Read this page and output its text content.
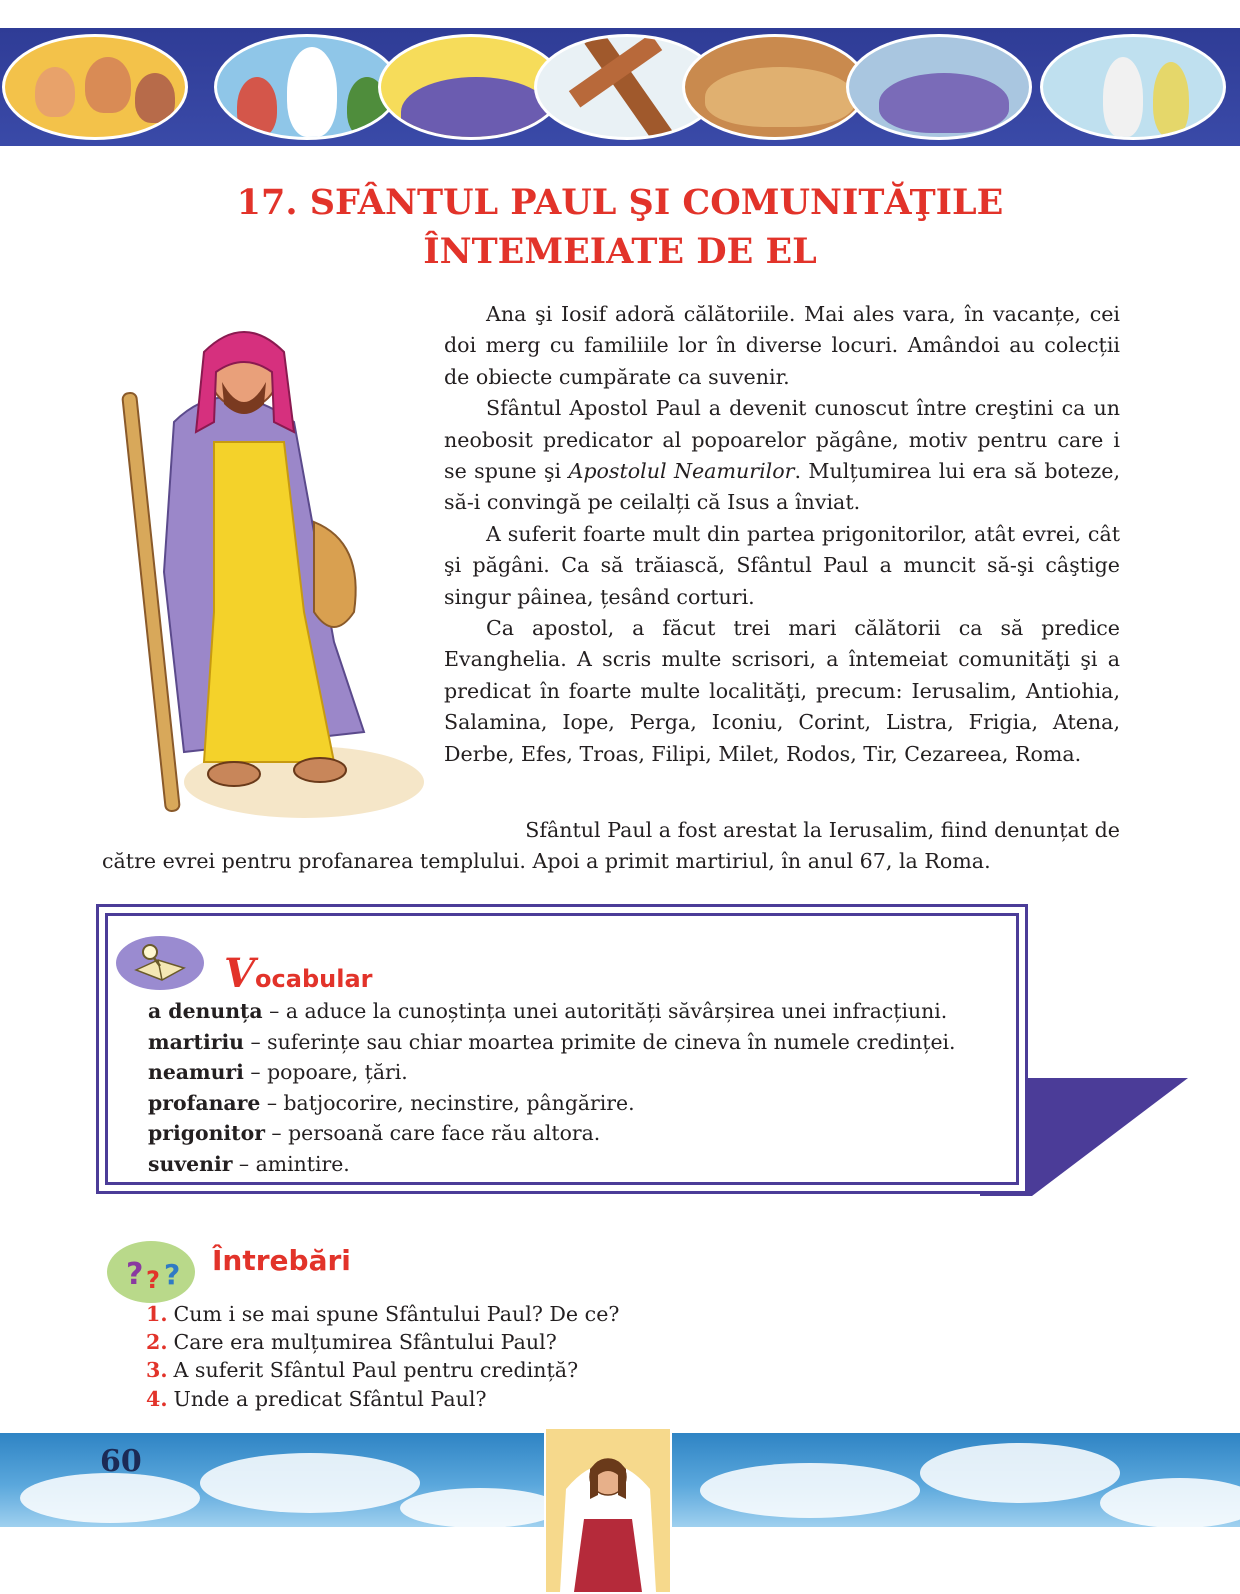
17. SFÂNTUL PAUL ŞI COMUNITĂŢILE
ÎNTEMEIATE DE EL

Ana şi Iosif adoră călătoriile. Mai ales vara, în vacanțe, cei doi merg cu familiile lor în diverse locuri. Amândoi au colecții de obiecte cumpărate ca suvenir.

Sfântul Apostol Paul a devenit cunoscut între creştini ca un neobosit predicator al popoarelor păgâne, motiv pentru care i se spune şi Apostolul Neamurilor. Mulțumirea lui era să boteze, să-i convingă pe ceilalți că Isus a înviat.

A suferit foarte mult din partea prigonitorilor, atât evrei, cât şi păgâni. Ca să trăiască, Sfântul Paul a muncit să-şi câştige singur pâinea, țesând corturi.

Ca apostol, a făcut trei mari călătorii ca să predice Evanghelia. A scris multe scrisori, a întemeiat comunităţi şi a predicat în foarte multe localităţi, precum: Ierusalim, Antiohia, Salamina, Iope, Perga, Iconiu, Corint, Listra, Frigia, Atena, Derbe, Efes, Troas, Filipi, Milet, Rodos, Tir, Cezareea, Roma.

Sfântul Paul a fost arestat la Ierusalim, fiind denunțat de
către evrei pentru profanarea templului. Apoi a primit martiriul, în anul 67, la Roma.
Vocabular
a denunța – a aduce la cunoștința unei autorități săvârșirea unei infracțiuni.
martiriu – suferințe sau chiar moartea primite de cineva în numele credinței.
neamuri – popoare, țări.
profanare – batjocorire, necinstire, pângărire.
prigonitor – persoană care face rău altora.
suvenir – amintire.
? ? ? Întrebări
1. Cum i se mai spune Sfântului Paul? De ce?
2. Care era mulțumirea Sfântului Paul?
3. A suferit Sfântul Paul pentru credință?
4. Unde a predicat Sfântul Paul?
60
